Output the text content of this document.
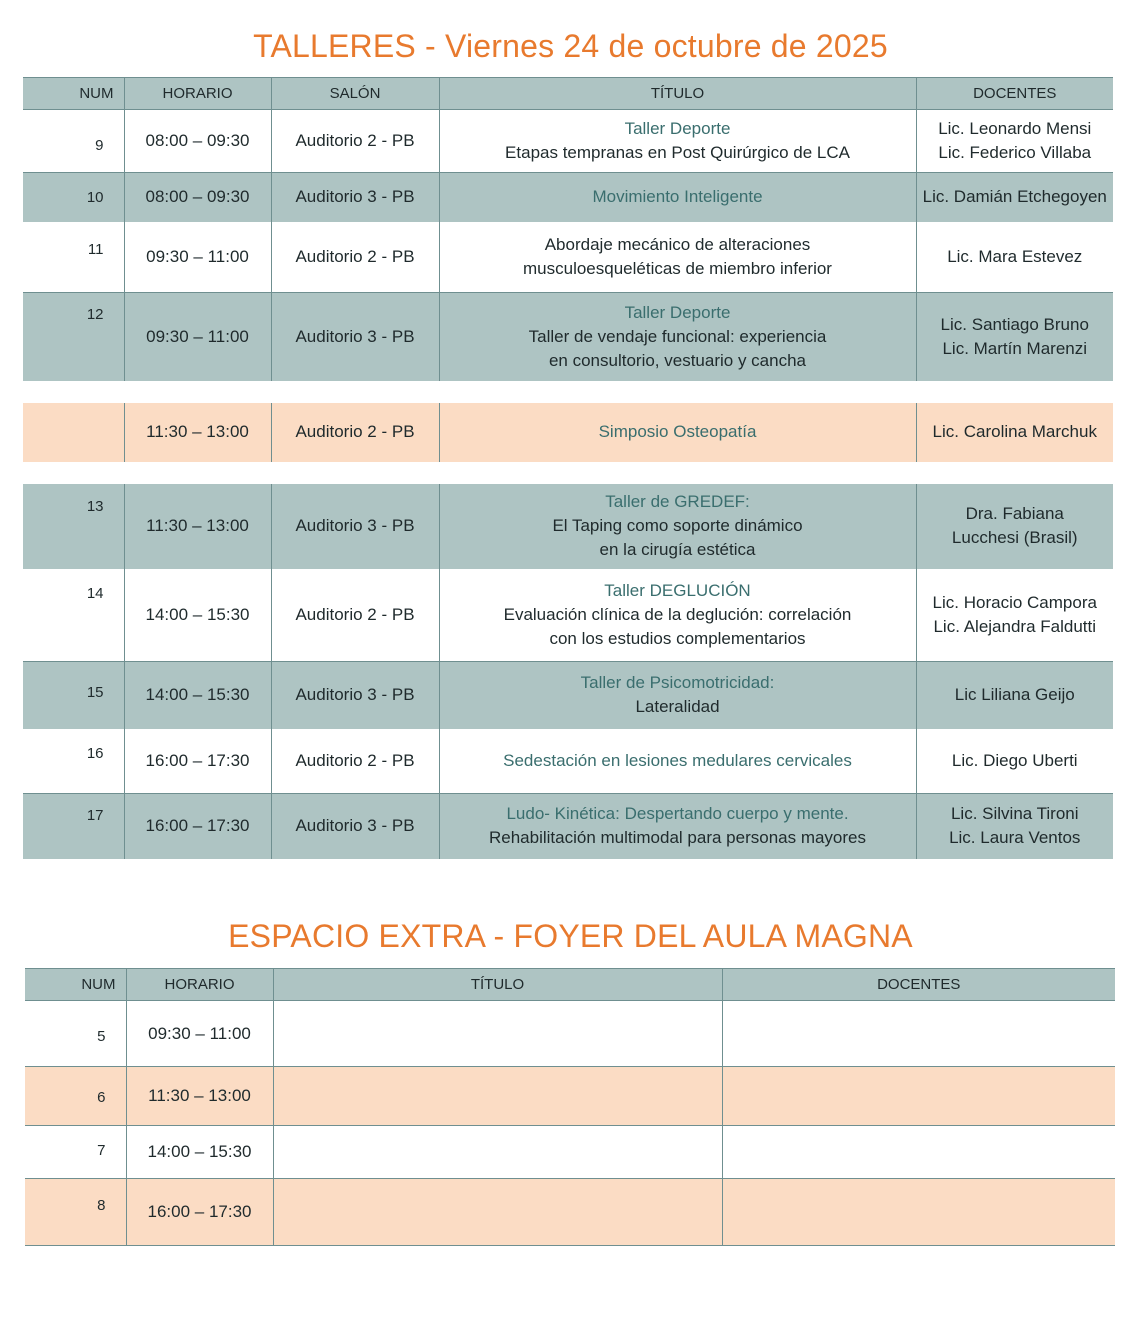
TALLERES - Viernes 24 de octubre de 2025
NUM	HORARIO	SALÓN	TÍTULO	DOCENTES
9	08:00 – 09:30	Auditorio 2 - PB	Taller Deporte
Etapas tempranas en Post Quirúrgico de LCA	Lic. Leonardo Mensi
Lic. Federico Villaba

10	08:00 – 09:30	Auditorio 3 - PB	Movimiento Inteligente	Lic. Damián Etchegoyen

11	09:30 – 11:00	Auditorio 2 - PB	Abordaje mecánico de alteraciones
musculoesqueléticas de miembro inferior	Lic. Mara Estevez

12	09:30 – 11:00	Auditorio 3 - PB	Taller Deporte
Taller de vendaje funcional: experiencia
en consultorio, vestuario y cancha	Lic. Santiago Bruno
Lic. Martín Marenzi

	11:30 – 13:00	Auditorio 2 - PB	Simposio Osteopatía	Lic. Carolina Marchuk

13	11:30 – 13:00	Auditorio 3 - PB	Taller de GREDEF:
El Taping como soporte dinámico
en la cirugía estética	Dra. Fabiana
Lucchesi (Brasil)

14	14:00 – 15:30	Auditorio 2 - PB	Taller DEGLUCIÓN
Evaluación clínica de la deglución: correlación
con los estudios complementarios	Lic. Horacio Campora
Lic. Alejandra Faldutti

15	14:00 – 15:30	Auditorio 3 - PB	Taller de Psicomotricidad:
Lateralidad	Lic Liliana Geijo

16	16:00 – 17:30	Auditorio 2 - PB	Sedestación en lesiones medulares cervicales	Lic. Diego Uberti

17	16:00 – 17:30	Auditorio 3 - PB	Ludo- Kinética: Despertando cuerpo y mente.
Rehabilitación multimodal para personas mayores	Lic. Silvina Tironi
Lic. Laura Ventos
ESPACIO EXTRA - FOYER DEL AULA MAGNA
NUM	HORARIO	TÍTULO	DOCENTES
5	09:30 – 11:00		
6	11:30 – 13:00		
7	14:00 – 15:30		
8	16:00 – 17:30		
